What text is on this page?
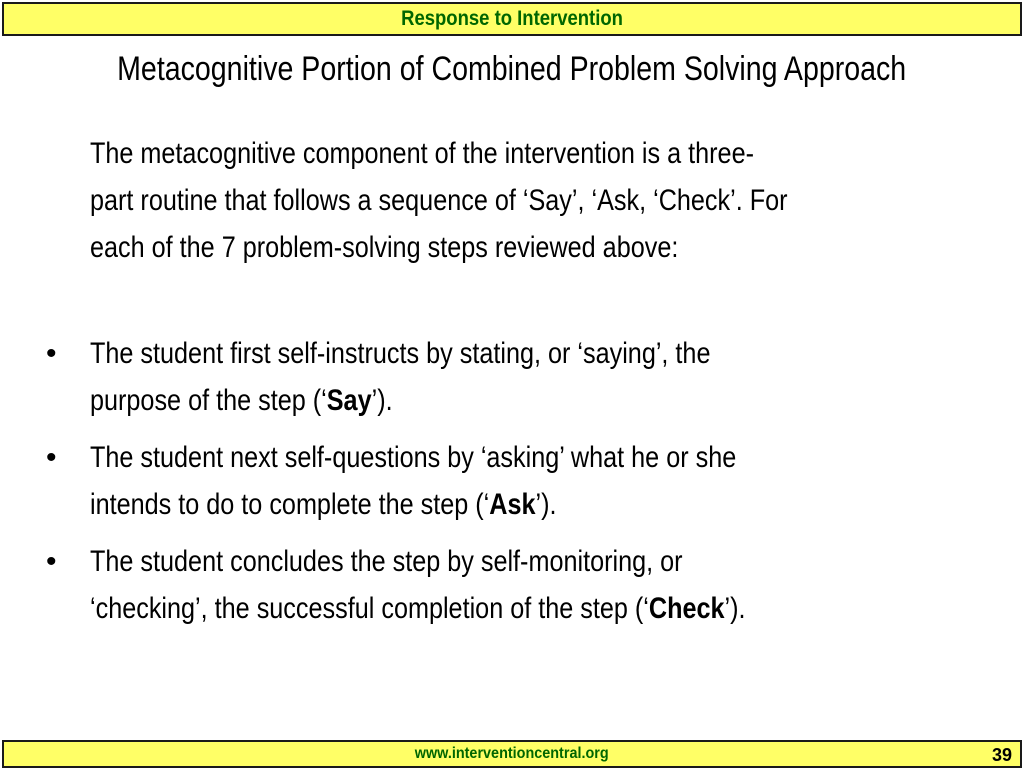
Response to Intervention
Metacognitive Portion of Combined Problem Solving Approach

The metacognitive component of the intervention is a three-
part routine that follows a sequence of ‘Say’, ‘Ask, ‘Check’. For
each of the 7 problem-solving steps reviewed above:

• The student first self-instructs by stating, or ‘saying’, the
purpose of the step (‘Say’).
• The student next self-questions by ‘asking’ what he or she
intends to do to complete the step (‘Ask’).
• The student concludes the step by self-monitoring, or
‘checking’, the successful completion of the step (‘Check’).
www.interventioncentral.org	39
